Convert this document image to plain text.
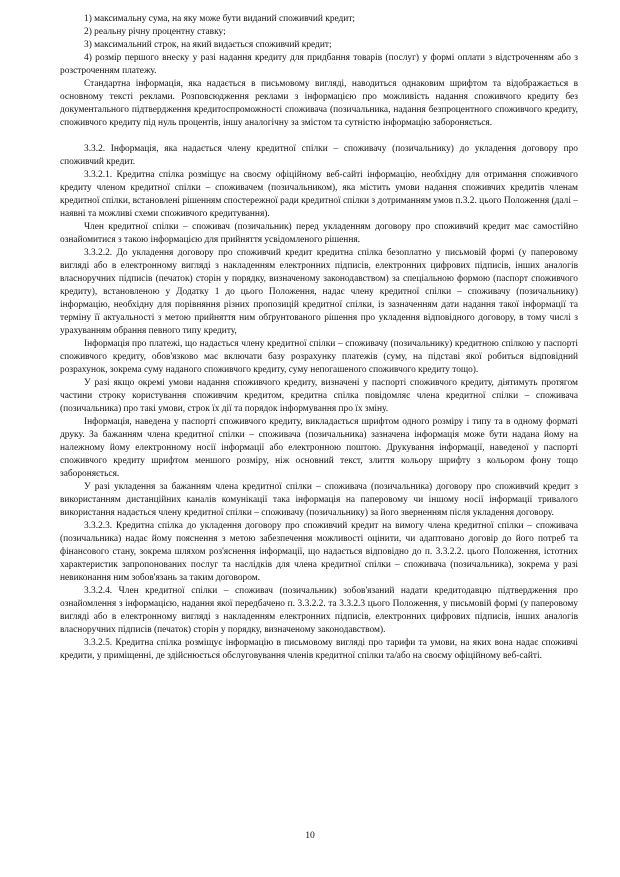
1) максимальну сума, на яку може бути виданий споживчий кредит;

2) реальну річну процентну ставку;

3) максимальний строк, на який видається споживчий кредит;

4) розмір першого внеску у разі надання кредиту для придбання товарів (послуг) у формі оплати з відстроченням або з розстроченням платежу.

Стандартна інформація, яка надається в письмовому вигляді, наводиться однаковим шрифтом та відображається в основному тексті реклами. Розповсюдження реклами з інформацією про можливість надання споживчого кредиту без документального підтвердження кредитоспроможності споживача (позичальника, надання безпроцентного споживчого кредиту, споживчого кредиту під нуль процентів, іншу аналогічну за змістом та сутністю інформацію забороняється.

3.3.2. Інформація, яка надається члену кредитної спілки – споживачу (позичальнику) до укладення договору про споживчий кредит.

3.3.2.1. Кредитна спілка розміщує на своєму офіційному веб-сайті інформацію, необхідну для отримання споживчого кредиту членом кредитної спілки – споживачем (позичальником), яка містить умови надання споживчих кредитів членам кредитної спілки, встановлені рішенням спостережної ради кредитної спілки з дотриманням умов п.3.2. цього Положення (далі – наявні та можливі схеми споживчого кредитування).

Член кредитної спілки – споживач (позичальник) перед укладенням договору про споживчий кредит має самостійно ознайомитися з такою інформацією для прийняття усвідомленого рішення.

3.3.2.2. До укладення договору про споживчий кредит кредитна спілка безоплатно у письмовій формі (у паперовому вигляді або в електронному вигляді з накладенням електронних підписів, електронних цифрових підписів, інших аналогів власноручних підписів (печаток) сторін у порядку, визначеному законодавством) за спеціальною формою (паспорт споживчого кредиту), встановленою у Додатку 1 до цього Положення, надає члену кредитної спілки – споживачу (позичальнику) інформацію, необхідну для порівняння різних пропозицій кредитної спілки, із зазначенням дати надання такої інформації та терміну її актуальності з метою прийняття ним обґрунтованого рішення про укладення відповідного договору, в тому числі з урахуванням обрання певного типу кредиту,

Інформація про платежі, що надається члену кредитної спілки – споживачу (позичальнику) кредитною спілкою у паспорті споживчого кредиту, обов'язково має включати базу розрахунку платежів (суму, на підставі якої робиться відповідний розрахунок, зокрема суму наданого споживчого кредиту, суму непогашеного споживчого кредиту тощо).

У разі якщо окремі умови надання споживчого кредиту, визначені у паспорті споживчого кредиту, діятимуть протягом частини строку користування споживчим кредитом, кредитна спілка повідомляє члена кредитної спілки – споживача (позичальника) про такі умови, строк їх дії та порядок інформування про їх зміну.

Інформація, наведена у паспорті споживчого кредиту, викладається шрифтом одного розміру і типу та в одному форматі друку. За бажанням члена кредитної спілки – споживача (позичальника) зазначена інформація може бути надана йому на належному йому електронному носії інформації або електронною поштою. Друкування інформації, наведеної у паспорті споживчого кредиту шрифтом меншого розміру, ніж основний текст, злиття кольору шрифту з кольором фону тощо забороняється.

У разі укладення за бажанням члена кредитної спілки – споживача (позичальника) договору про споживчий кредит з використанням дистанційних каналів комунікації така інформація на паперовому чи іншому носії інформації тривалого використання надається члену кредитної спілки – споживачу (позичальнику) за його зверненням після укладення договору.

3.3.2.3. Кредитна спілка до укладення договору про споживчий кредит на вимогу члена кредитної спілки – споживача (позичальника) надає йому пояснення з метою забезпечення можливості оцінити, чи адаптовано договір до його потреб та фінансового стану, зокрема шляхом роз'яснення інформації, що надається відповідно до п. 3.3.2.2. цього Положення, істотних характеристик запропонованих послуг та наслідків для члена кредитної спілки – споживача (позичальника), зокрема у разі невиконання ним зобов'язань за таким договором.

3.3.2.4. Член кредитної спілки – споживач (позичальник) зобов'язаний надати кредитодавцю підтвердження про ознайомлення з інформацією, надання якої передбачено п. 3.3.2.2. та 3.3.2.3 цього Положення, у письмовій формі (у паперовому вигляді або в електронному вигляді з накладенням електронних підписів, електронних цифрових підписів, інших аналогів власноручних підписів (печаток) сторін у порядку, визначеному законодавством).

3.3.2.5. Кредитна спілка розміщує інформацію в письмовому вигляді про тарифи та умови, на яких вона надає споживчі кредити, у приміщенні, де здійснюється обслуговування членів кредитної спілки та/або на своєму офіційному веб-сайті.

10
